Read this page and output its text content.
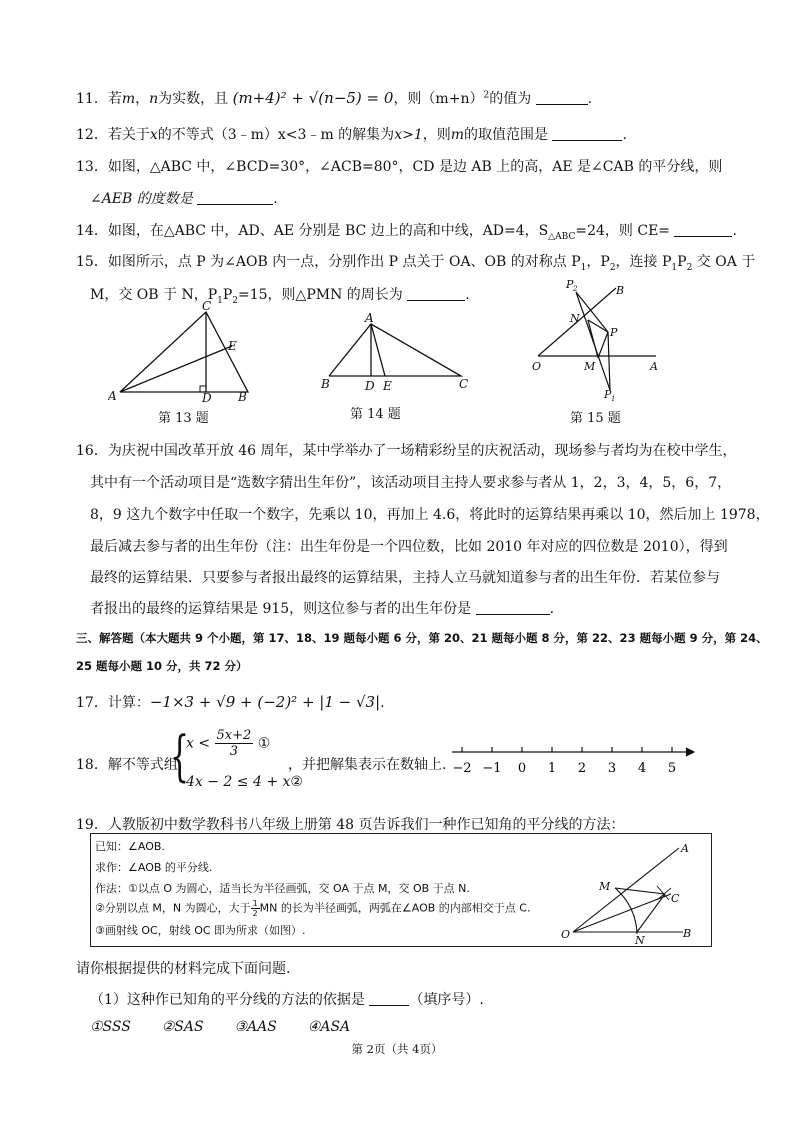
11．若m，n为实数，且 (m+4)² + √(n−5) = 0，则$(m+n)^2$的值为	.
12．若关于x的不等式（3﹣m）x<3﹣m 的解集为x>1，则m的取值范围是	.
13．如图，△ABC 中，∠BCD=30°，∠ACB=80°，CD 是边 AB 上的高，AE 是∠CAB 的平分线，则
∠AEB 的度数是	.
14．如图，在△ABC 中，AD、AE 分别是 BC 边上的高和中线，AD=4，$S_{\triangle ABC}=24$，则 CE=	.
15．如图所示，点 P 为∠AOB 内一点，分别作出 P 点关于 OA、OB 的对称点 $P_1$，$P_2$，连接 $P_1P_2$ 交 OA 于
M，交 OB 于 N，$P_1P_2=15$，则△PMN 的周长为	.
A	B
C
D
E
第 13 题
A
B	C
D E
第 14 题
P 2	B
N
P
O	M	A
P 1
第 15 题
16．为庆祝中国改革开放 46 周年，某中学举办了一场精彩纷呈的庆祝活动，现场参与者均为在校中学生，
其中有一个活动项目是“选数字猜出生年份”，该活动项目主持人要求参与者从 1，2，3，4，5，6，7，
8，9 这九个数字中任取一个数字，先乘以 10，再加上 4.6，将此时的运算结果再乘以 10，然后加上 1978，
最后减去参与者的出生年份（注：出生年份是一个四位数，比如 2010 年对应的四位数是 2010），得到
最终的运算结果．只要参与者报出最终的运算结果，主持人立马就知道参与者的出生年份．若某位参与
者报出的最终的运算结果是 915，则这位参与者的出生年份是	.
三、解答题（本大题共 9 个小题，第 17、18、19 题每小题 6 分，第 20、21 题每小题 8 分，第 22、23 题每小题 9 分，第 24、
25 题每小题 10 分，共 72 分）
17．计算：−1×3 + √9 + (−2)² + |1 − √3|.
18．解不等式组
{
$x < \frac{5x+2}{3}$ ①
4x − 2 ≤ 4 + x②
，并把解集表示在数轴上. −2 −1 0 1 2 3 4 5
19．人教版初中数学教科书八年级上册第 48 页告诉我们一种作已知角的平分线的方法：
已知：∠AOB.
求作：∠AOB 的平分线.
作法：①以点 O 为圆心，适当长为半径画弧，交 OA 于点 M，交 OB 于点 N.
②分别以点 M，N 为圆心，大于 $\frac{1}{2}$ MN 的长为半径画弧，两弧在∠AOB 的内部相交于点 C.
③画射线 OC，射线 OC 即为所求（如图）.
A
M
C
O	N
B
请你根据提供的材料完成下面问题.
（1）这种作已知角的平分线的方法的依据是	（填序号）.
①SSS ②SAS ③AAS ④ASA
第 2页（共 4页）
